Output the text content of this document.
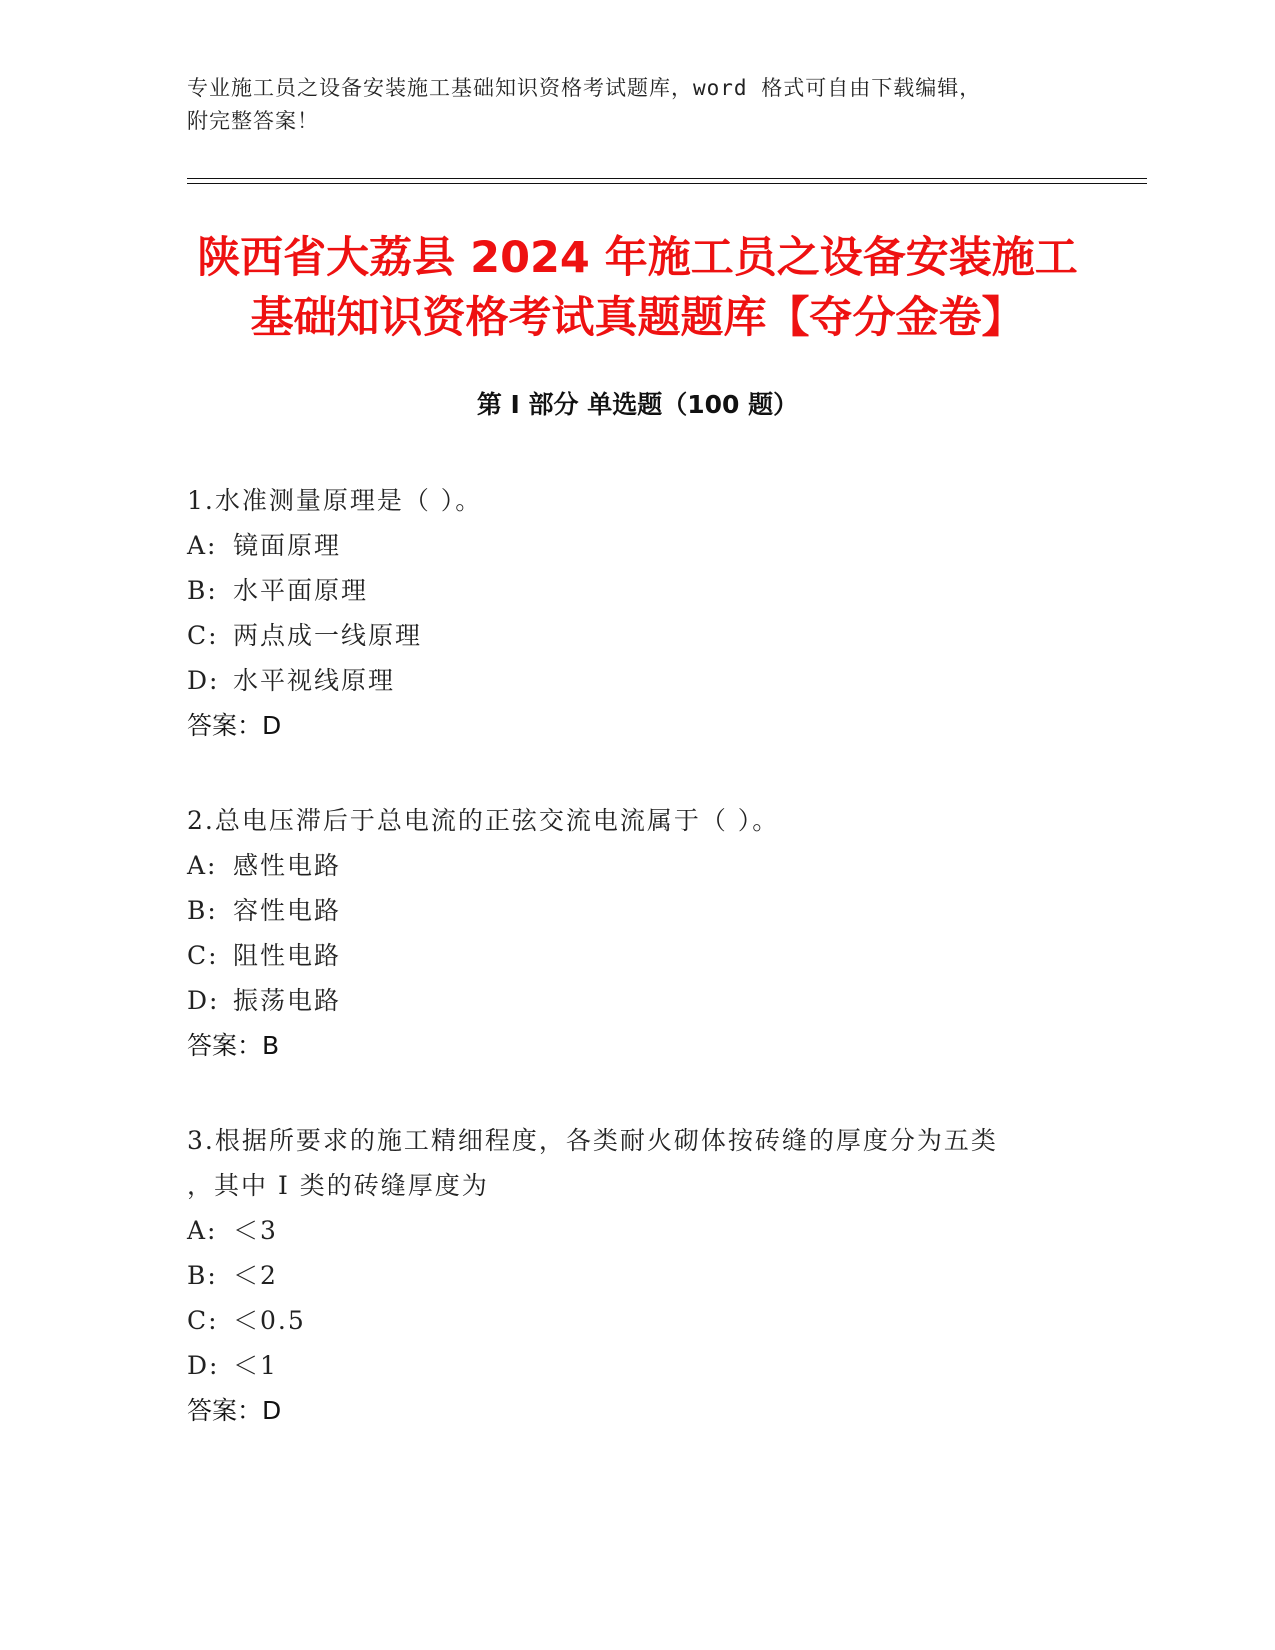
专业施工员之设备安装施工基础知识资格考试题库，word 格式可自由下载编辑，
附完整答案！
陕西省大荔县 2024 年施工员之设备安装施工
基础知识资格考试真题题库【夺分金卷】
第 I 部分 单选题（100 题）

1.水准测量原理是（ ）。

A: 镜面原理

B: 水平面原理

C: 两点成一线原理

D: 水平视线原理

答案：D

2.总电压滞后于总电流的正弦交流电流属于（ ）。

A: 感性电路

B: 容性电路

C: 阻性电路

D: 振荡电路

答案：B

3.根据所要求的施工精细程度，各类耐火砌体按砖缝的厚度分为五类

，其中 I 类的砖缝厚度为

A: ＜3

B: ＜2

C: ＜0.5

D: ＜1

答案：D
